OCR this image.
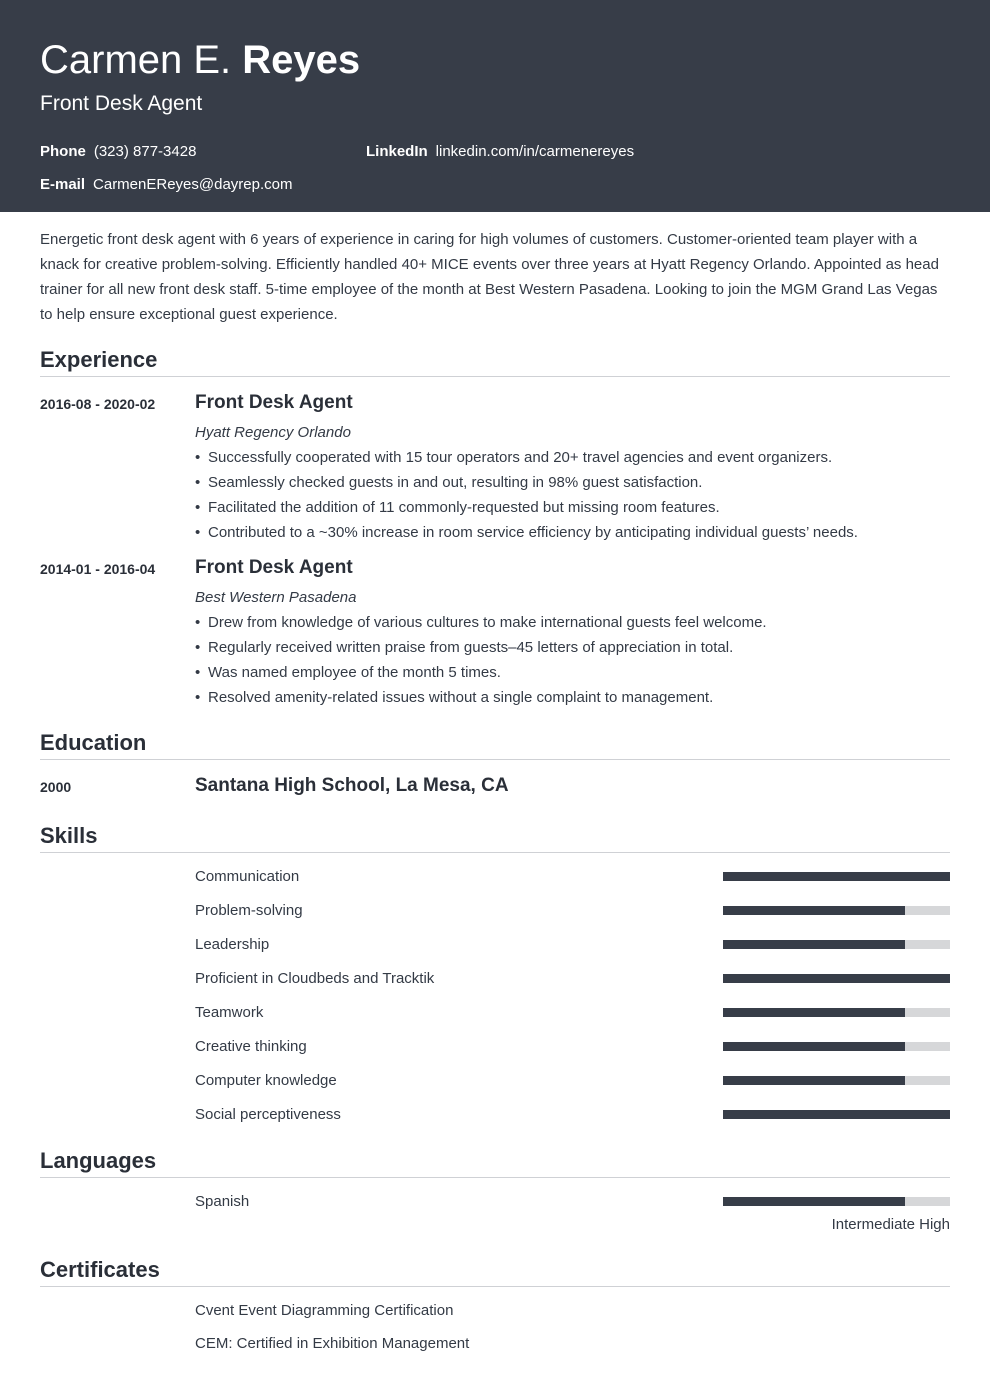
Carmen E. Reyes
Front Desk Agent
Phone (323) 877-3428	LinkedIn linkedin.com/in/carmenereyes
E-mail CarmenEReyes@dayrep.com
Energetic front desk agent with 6 years of experience in caring for high volumes of customers. Customer-oriented team player with a knack for creative problem-solving. Efficiently handled 40+ MICE events over three years at Hyatt Regency Orlando. Appointed as head trainer for all new front desk staff. 5-time employee of the month at Best Western Pasadena. Looking to join the MGM Grand Las Vegas to help ensure exceptional guest experience.
Experience
2016-08 - 2020-02 Front Desk Agent
Hyatt Regency Orlando
• Successfully cooperated with 15 tour operators and 20+ travel agencies and event organizers.
• Seamlessly checked guests in and out, resulting in 98% guest satisfaction.
• Facilitated the addition of 11 commonly-requested but missing room features.
• Contributed to a ~30% increase in room service efficiency by anticipating individual guests’ needs.
2014-01 - 2016-04 Front Desk Agent
Best Western Pasadena
• Drew from knowledge of various cultures to make international guests feel welcome.
• Regularly received written praise from guests–45 letters of appreciation in total.
• Was named employee of the month 5 times.
• Resolved amenity-related issues without a single complaint to management.
Education
2000	Santana High School, La Mesa, CA
Skills
Communication
Problem-solving
Leadership
Proficient in Cloudbeds and Tracktik
Teamwork
Creative thinking
Computer knowledge
Social perceptiveness
Languages
Spanish
Intermediate High
Certificates
Cvent Event Diagramming Certification
CEM: Certified in Exhibition Management
